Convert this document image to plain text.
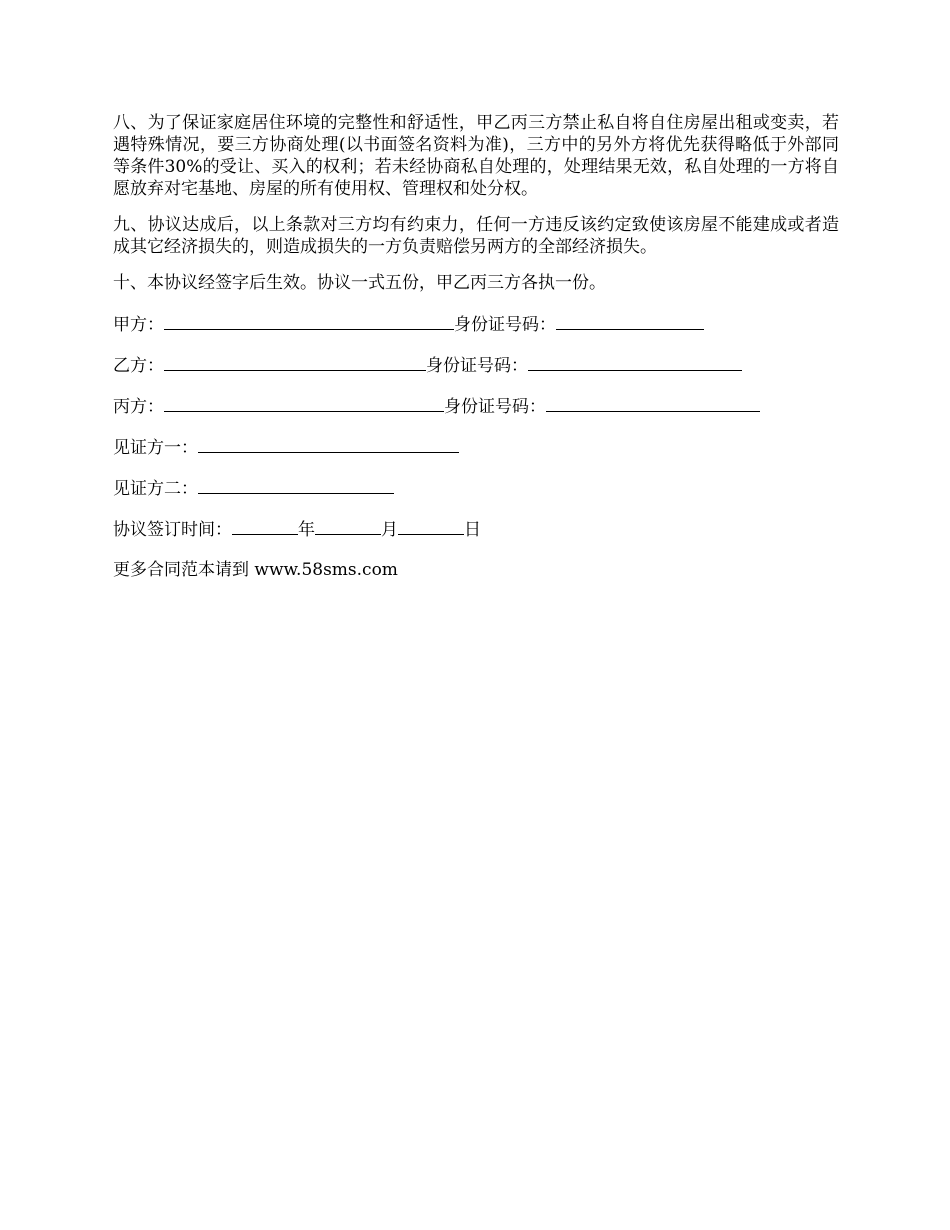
八、为了保证家庭居住环境的完整性和舒适性，甲乙丙三方禁止私自将自住房屋出租或变卖，若遇特殊情况，要三方协商处理(以书面签名资料为准)，三方中的另外方将优先获得略低于外部同等条件30%的受让、买入的权利；若未经协商私自处理的，处理结果无效，私自处理的一方将自愿放弃对宅基地、房屋的所有使用权、管理权和处分权。

九、协议达成后，以上条款对三方均有约束力，任何一方违反该约定致使该房屋不能建成或者造成其它经济损失的，则造成损失的一方负责赔偿另两方的全部经济损失。

十、本协议经签字后生效。协议一式五份，甲乙丙三方各执一份。

甲方：	身份证号码：
乙方：	身份证号码：
丙方：	身份证号码：
见证方一：
见证方二：
协议签订时间：	年	月	日
更多合同范本请到 www.58sms.com
